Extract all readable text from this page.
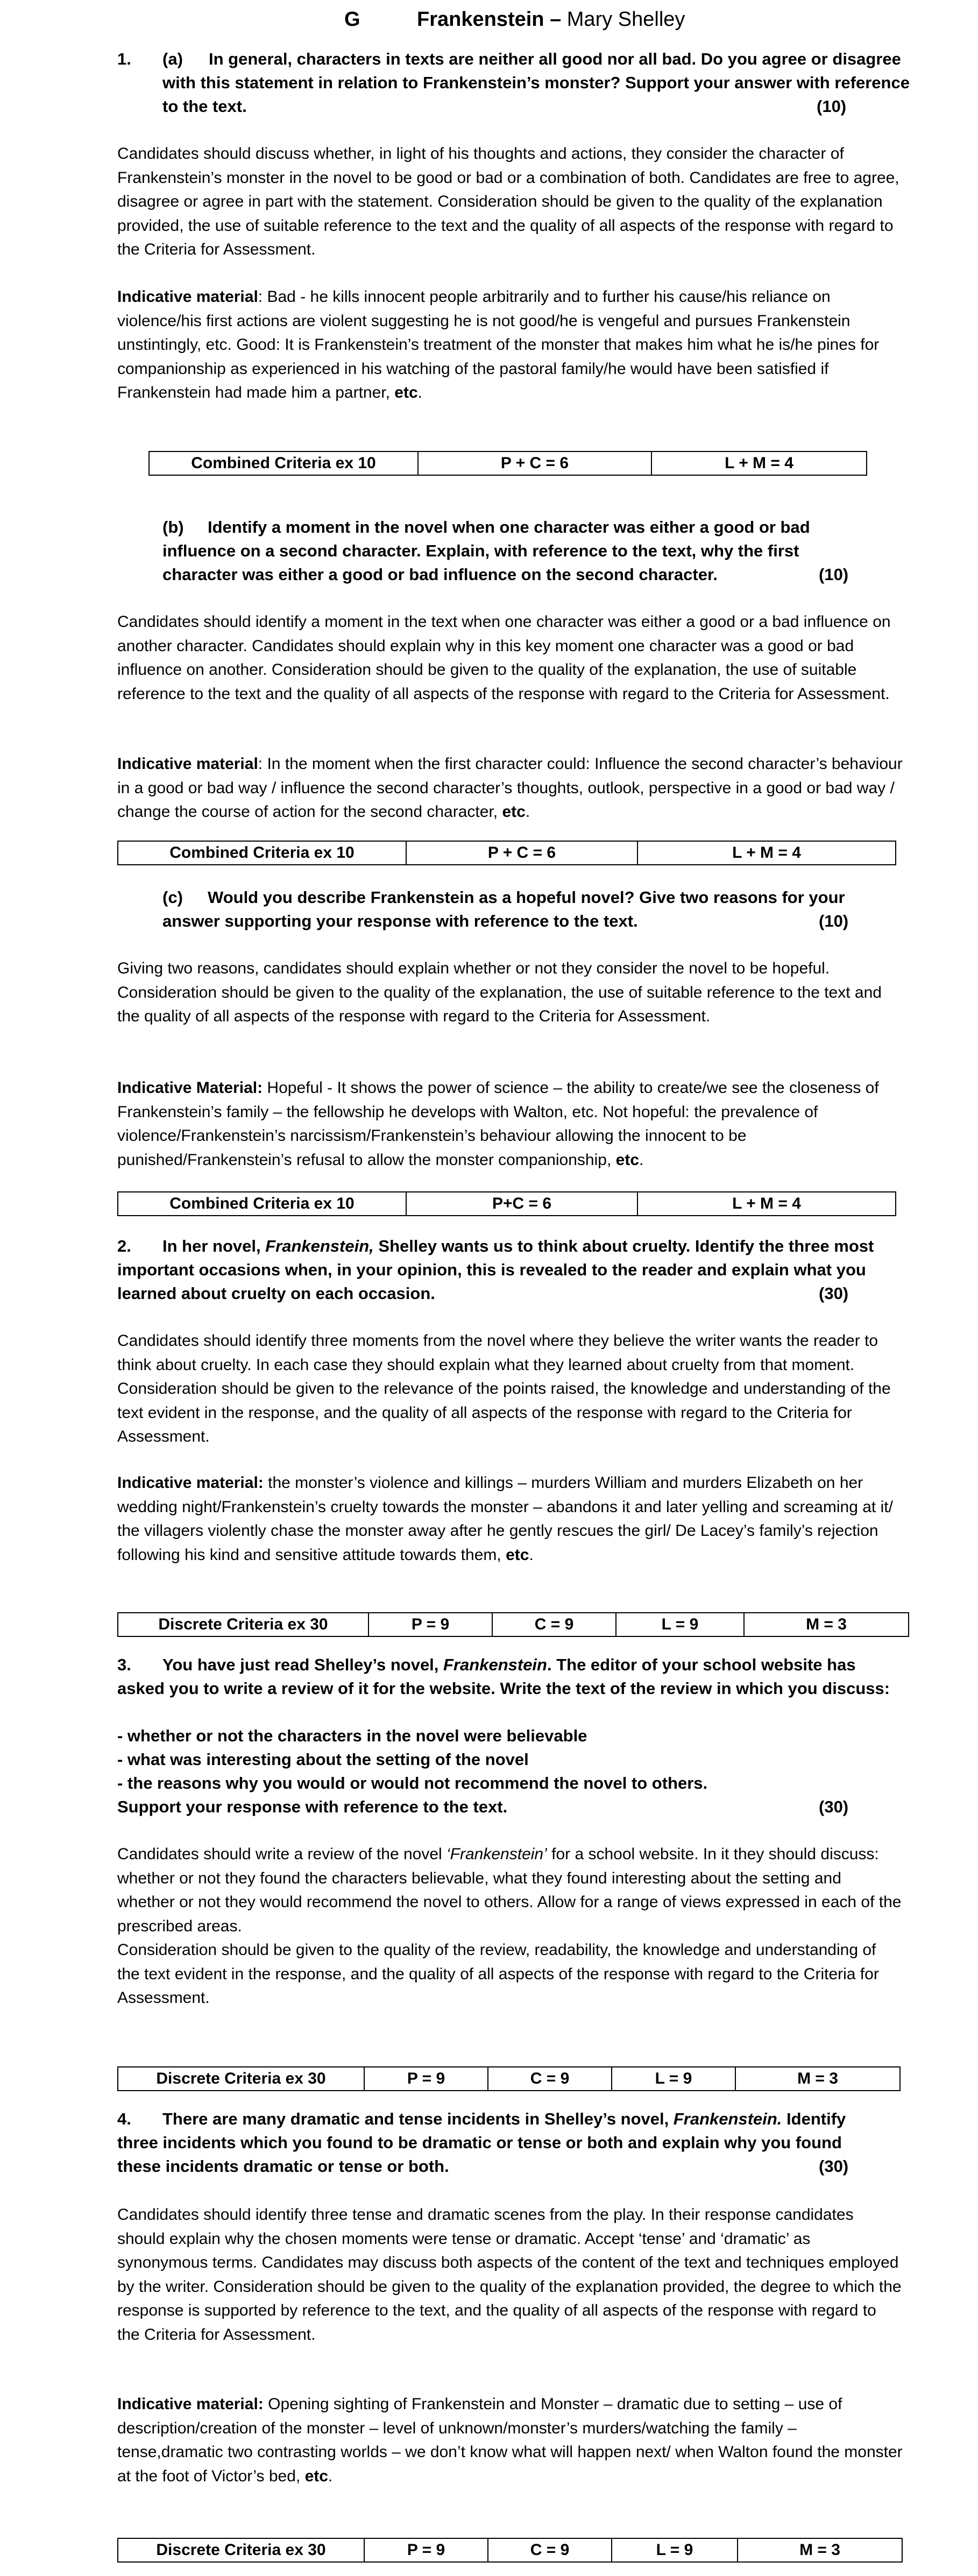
G	Frankenstein – Mary Shelley
1. (a)	In general, characters in texts are neither all good nor all bad. Do you agree or disagree with this statement in relation to Frankenstein’s monster? Support your answer with reference to the text.	(10)
Candidates should discuss whether, in light of his thoughts and actions, they consider the character of Frankenstein’s monster in the novel to be good or bad or a combination of both. Candidates are free to agree, disagree or agree in part with the statement. Consideration should be given to the quality of the explanation provided, the use of suitable reference to the text and the quality of all aspects of the response with regard to the Criteria for Assessment.
Indicative material: Bad - he kills innocent people arbitrarily and to further his cause/his reliance on violence/his first actions are violent suggesting he is not good/he is vengeful and pursues Frankenstein unstintingly, etc. Good: It is Frankenstein’s treatment of the monster that makes him what he is/he pines for companionship as experienced in his watching of the pastoral family/he would have been satisfied if Frankenstein had made him a partner, etc.
Combined Criteria ex 10	P + C = 6	L + M = 4
(b)	Identify a moment in the novel when one character was either a good or bad influence on a second character. Explain, with reference to the text, why the first character was either a good or bad influence on the second character.	(10)
Candidates should identify a moment in the text when one character was either a good or a bad influence on another character. Candidates should explain why in this key moment one character was a good or bad influence on another. Consideration should be given to the quality of the explanation, the use of suitable reference to the text and the quality of all aspects of the response with regard to the Criteria for Assessment.
Indicative material: In the moment when the first character could: Influence the second character’s behaviour in a good or bad way / influence the second character’s thoughts, outlook, perspective in a good or bad way / change the course of action for the second character, etc.
Combined Criteria ex 10	P + C = 6	L + M = 4
(c)	Would you describe Frankenstein as a hopeful novel? Give two reasons for your answer supporting your response with reference to the text.	(10)
Giving two reasons, candidates should explain whether or not they consider the novel to be hopeful. Consideration should be given to the quality of the explanation, the use of suitable reference to the text and the quality of all aspects of the response with regard to the Criteria for Assessment.
Indicative Material: Hopeful - It shows the power of science – the ability to create/we see the closeness of Frankenstein’s family – the fellowship he develops with Walton, etc. Not hopeful: the prevalence of violence/Frankenstein’s narcissism/Frankenstein’s behaviour allowing the innocent to be punished/Frankenstein’s refusal to allow the monster companionship, etc.
Combined Criteria ex 10	P+C = 6	L + M = 4
2. In her novel, Frankenstein, Shelley wants us to think about cruelty. Identify the three most important occasions when, in your opinion, this is revealed to the reader and explain what you learned about cruelty on each occasion.	(30)
Candidates should identify three moments from the novel where they believe the writer wants the reader to think about cruelty. In each case they should explain what they learned about cruelty from that moment. Consideration should be given to the relevance of the points raised, the knowledge and understanding of the text evident in the response, and the quality of all aspects of the response with regard to the Criteria for Assessment.
Indicative material: the monster’s violence and killings – murders William and murders Elizabeth on her wedding night/Frankenstein’s cruelty towards the monster – abandons it and later yelling and screaming at it/ the villagers violently chase the monster away after he gently rescues the girl/ De Lacey’s family’s rejection following his kind and sensitive attitude towards them, etc.
Discrete Criteria ex 30	P = 9	C = 9	L = 9	M = 3
3. You have just read Shelley’s novel, Frankenstein. The editor of your school website has asked you to write a review of it for the website. Write the text of the review in which you discuss:
- whether or not the characters in the novel were believable
- what was interesting about the setting of the novel
- the reasons why you would or would not recommend the novel to others.
Support your response with reference to the text.	(30)
Candidates should write a review of the novel ‘Frankenstein’ for a school website. In it they should discuss: whether or not they found the characters believable, what they found interesting about the setting and whether or not they would recommend the novel to others. Allow for a range of views expressed in each of the prescribed areas.
Consideration should be given to the quality of the review, readability, the knowledge and understanding of the text evident in the response, and the quality of all aspects of the response with regard to the Criteria for Assessment.
Discrete Criteria ex 30	P = 9	C = 9	L = 9	M = 3
4. There are many dramatic and tense incidents in Shelley’s novel, Frankenstein. Identify three incidents which you found to be dramatic or tense or both and explain why you found these incidents dramatic or tense or both.	(30)
Candidates should identify three tense and dramatic scenes from the play. In their response candidates should explain why the chosen moments were tense or dramatic. Accept ‘tense’ and ‘dramatic’ as synonymous terms. Candidates may discuss both aspects of the content of the text and techniques employed by the writer. Consideration should be given to the quality of the explanation provided, the degree to which the response is supported by reference to the text, and the quality of all aspects of the response with regard to the Criteria for Assessment.
Indicative material: Opening sighting of Frankenstein and Monster – dramatic due to setting – use of description/creation of the monster – level of unknown/monster’s murders/watching the family – tense,dramatic two contrasting worlds – we don’t know what will happen next/ when Walton found the monster at the foot of Victor’s bed, etc.
Discrete Criteria ex 30	P = 9	C = 9	L = 9	M = 3
